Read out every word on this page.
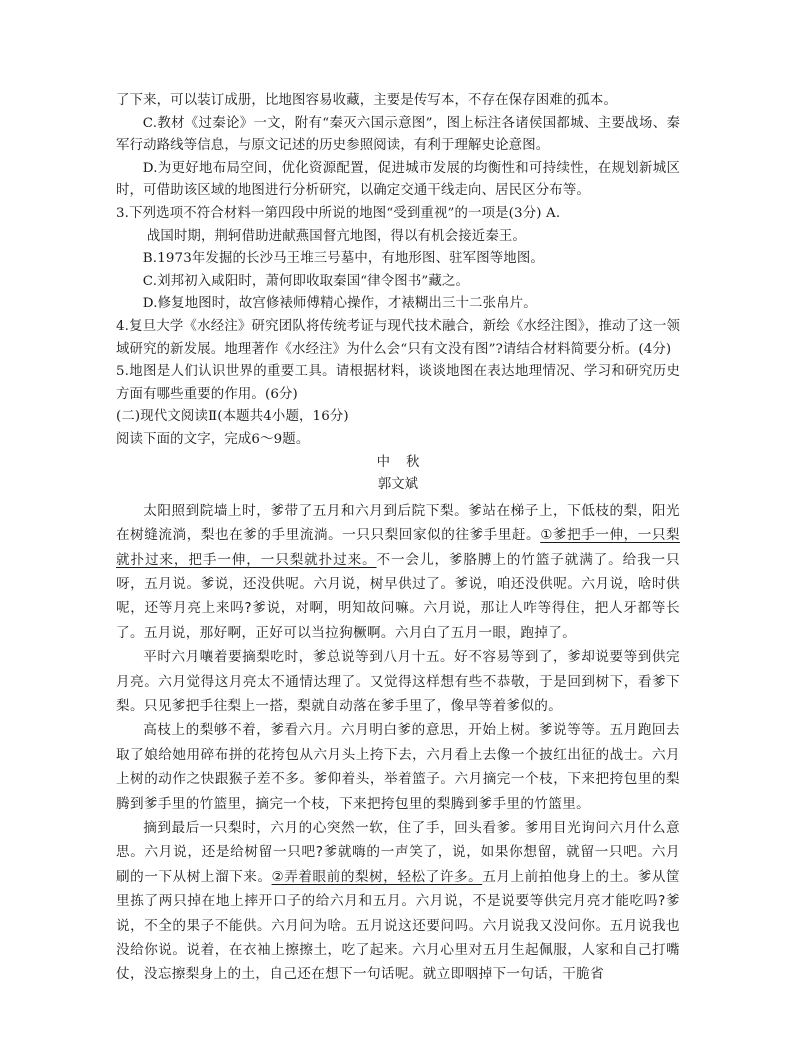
了下来，可以装订成册，比地图容易收藏，主要是传写本，不存在保存困难的孤本。

C.教材《过秦论》一文，附有“秦灭六国示意图”，图上标注各诸侯国都城、主要战场、秦军行动路线等信息，与原文记述的历史参照阅读，有利于理解史论意图。

D.为更好地布局空间，优化资源配置，促进城市发展的均衡性和可持续性，在规划新城区时，可借助该区域的地图进行分析研究，以确定交通干线走向、居民区分布等。

3.下列选项不符合材料一第四段中所说的地图“受到重视”的一项是(3分) A.

战国时期，荆轲借助进献燕国督亢地图，得以有机会接近秦王。

B.1973年发掘的长沙马王堆三号墓中，有地形图、驻军图等地图。

C.刘邦初入咸阳时，萧何即收取秦国“律令图书”藏之。

D.修复地图时，故宫修裱师傅精心操作，才裱糊出三十二张帛片。

4.复旦大学《水经注》研究团队将传统考证与现代技术融合，新绘《水经注图》，推动了这一领域研究的新发展。地理著作《水经注》为什么会“只有文没有图”?请结合材料简要分析。(4分)

5.地图是人们认识世界的重要工具。请根据材料，谈谈地图在表达地理情况、学习和研究历史方面有哪些重要的作用。(6分)

(二)现代文阅读Ⅱ(本题共4小题，16分)

阅读下面的文字，完成6～9题。

中秋

郭文斌

太阳照到院墙上时，爹带了五月和六月到后院下梨。爹站在梯子上，下低枝的梨，阳光在树缝流淌，梨也在爹的手里流淌。一只只梨回家似的往爹手里赶。①爹把手一伸，一只梨就扑过来，把手一伸，一只梨就扑过来。不一会儿，爹胳膊上的竹篮子就满了。给我一只呀，五月说。爹说，还没供呢。六月说，树早供过了。爹说，咱还没供呢。六月说，啥时供呢，还等月亮上来吗?爹说，对啊，明知故问嘛。六月说，那让人咋等得住，把人牙都等长了。五月说，那好啊，正好可以当拉狗橛啊。六月白了五月一眼，跑掉了。

平时六月嚷着要摘梨吃时，爹总说等到八月十五。好不容易等到了，爹却说要等到供完月亮。六月觉得这月亮太不通情达理了。又觉得这样想有些不恭敬，于是回到树下，看爹下梨。只见爹把手往梨上一搭，梨就自动落在爹手里了，像早等着爹似的。

高枝上的梨够不着，爹看六月。六月明白爹的意思，开始上树。爹说等等。五月跑回去取了娘给她用碎布拼的花挎包从六月头上挎下去，六月看上去像一个披红出征的战士。六月上树的动作之快跟猴子差不多。爹仰着头，举着篮子。六月摘完一个枝，下来把挎包里的梨腾到爹手里的竹篮里，摘完一个枝，下来把挎包里的梨腾到爹手里的竹篮里。

摘到最后一只梨时，六月的心突然一软，住了手，回头看爹。爹用目光询问六月什么意思。六月说，还是给树留一只吧?爹就嗨的一声笑了，说，如果你想留，就留一只吧。六月刷的一下从树上溜下来。②弄着眼前的梨树，轻松了许多。五月上前拍他身上的土。爹从筐里拣了两只掉在地上摔开口子的给六月和五月。六月说，不是说要等供完月亮才能吃吗?爹说，不全的果子不能供。六月问为啥。五月说这还要问吗。六月说我又没问你。五月说我也没给你说。说着，在衣袖上擦擦土，吃了起来。六月心里对五月生起佩服，人家和自己打嘴仗，没忘擦梨身上的土，自己还在想下一句话呢。就立即咽掉下一句话，干脆省
